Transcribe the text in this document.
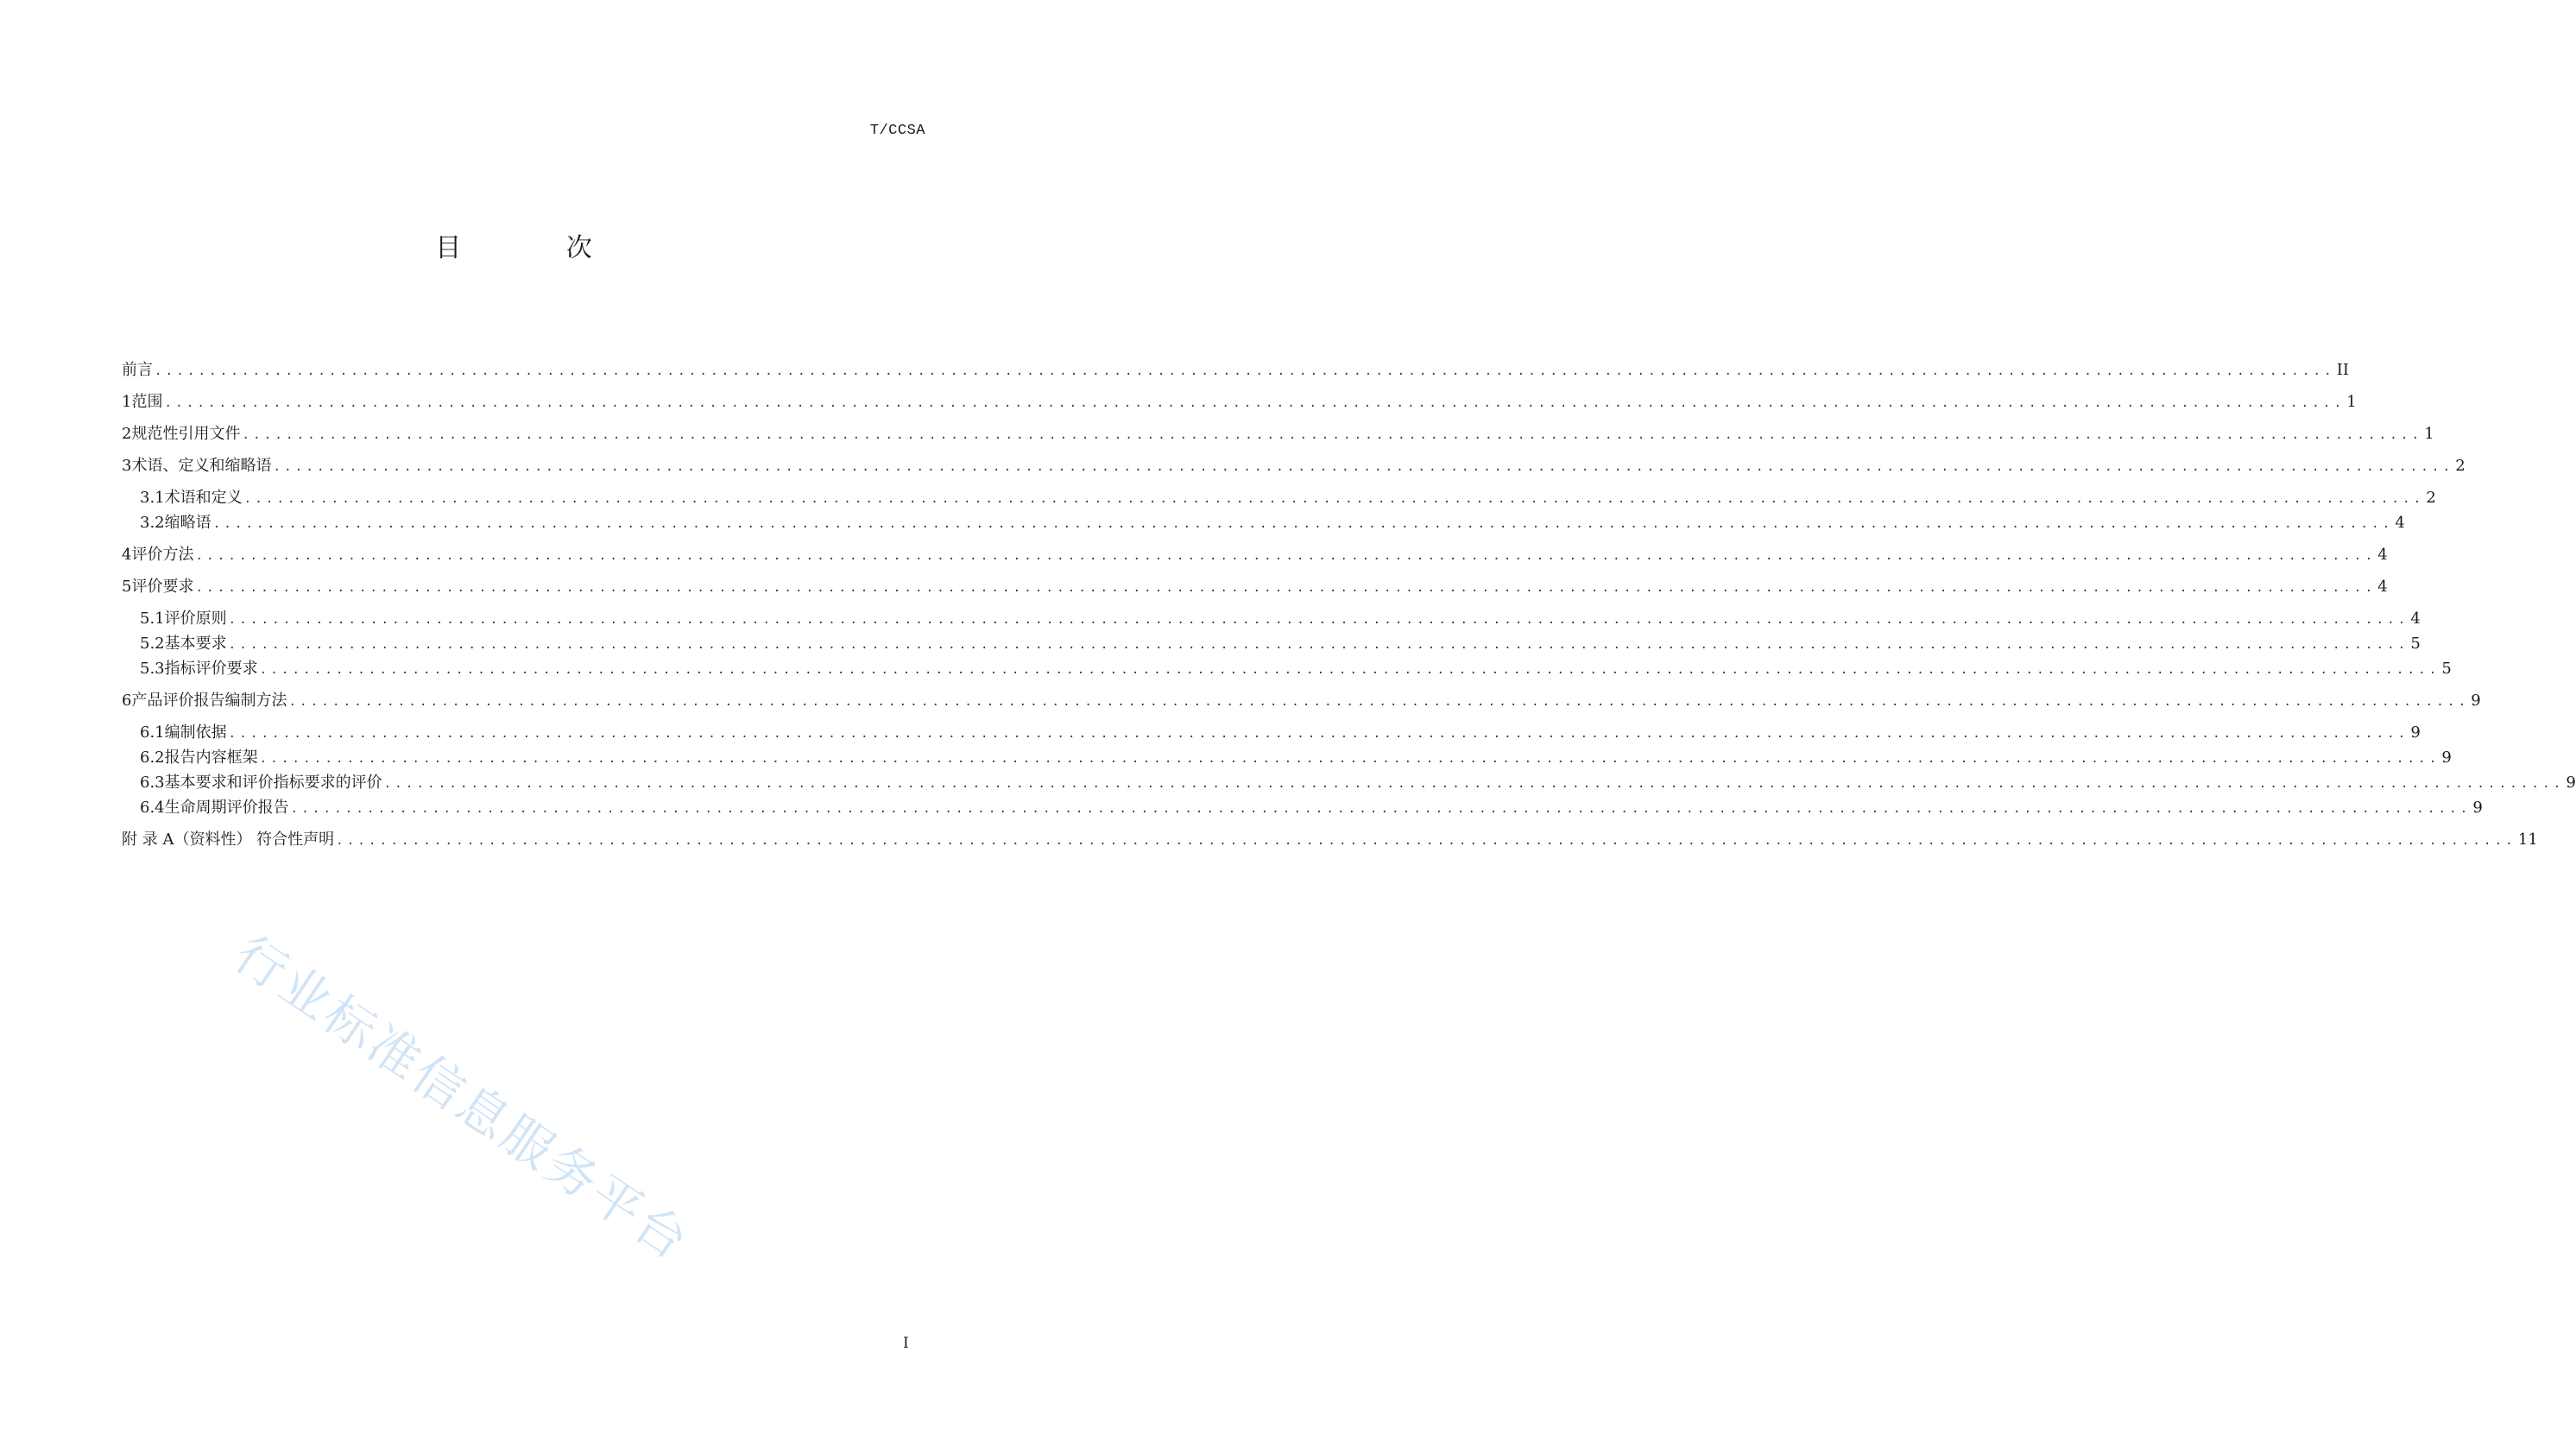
T/CCSA
目 次
前言 ........................................................................................................................................................................................................ II
1 范围 ........................................................................................................................................................................................................ 1
2 规范性引用文件 ........................................................................................................................................................................................................ 1
3 术语、定义和缩略语 ........................................................................................................................................................................................................ 2
3.1 术语和定义 ........................................................................................................................................................................................................ 2
3.2 缩略语 ........................................................................................................................................................................................................ 4
4 评价方法 ........................................................................................................................................................................................................ 4
5 评价要求 ........................................................................................................................................................................................................ 4
5.1 评价原则 ........................................................................................................................................................................................................ 4
5.2 基本要求 ........................................................................................................................................................................................................ 5
5.3 指标评价要求 ........................................................................................................................................................................................................ 5
6 产品评价报告编制方法 ........................................................................................................................................................................................................ 9
6.1 编制依据 ........................................................................................................................................................................................................ 9
6.2 报告内容框架 ........................................................................................................................................................................................................ 9
6.3 基本要求和评价指标要求的评价 ........................................................................................................................................................................................................ 9
6.4 生命周期评价报告 ........................................................................................................................................................................................................ 9
附 录 A（资料性） 符合性声明 ........................................................................................................................................................................................................ 11
行业标准信息服务平台
I
